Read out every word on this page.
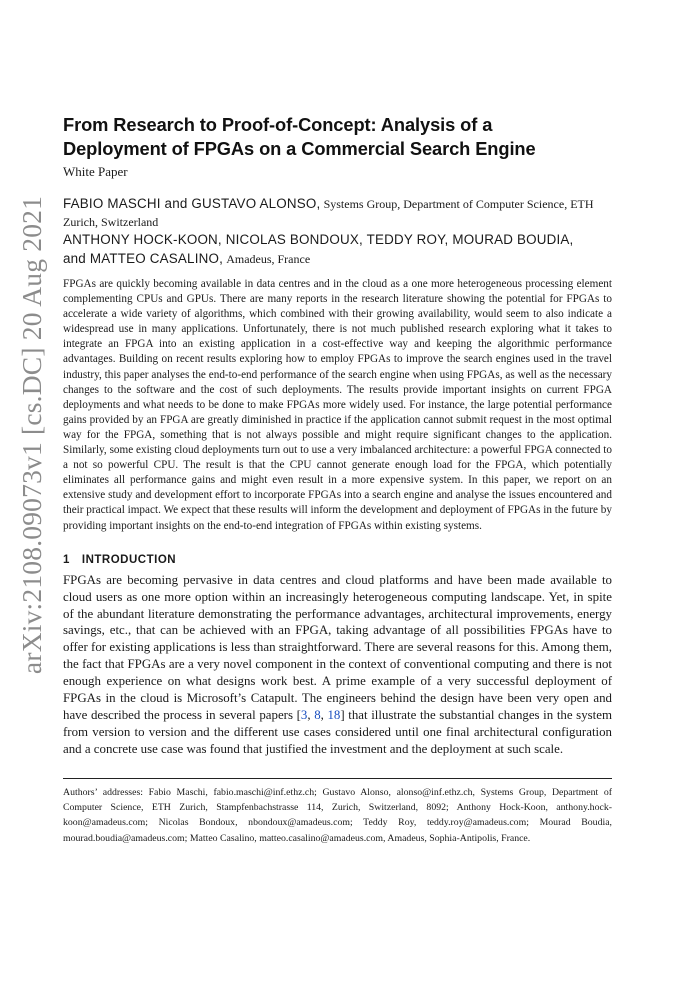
arXiv:2108.09073v1 [cs.DC] 20 Aug 2021
From Research to Proof-of-Concept: Analysis of a
Deployment of FPGAs on a Commercial Search Engine

White Paper

FABIO MASCHI and GUSTAVO ALONSO, Systems Group, Department of Computer Science, ETH Zurich, Switzerland
ANTHONY HOCK-KOON, NICOLAS BONDOUX, TEDDY ROY, MOURAD BOUDIA,
and MATTEO CASALINO, Amadeus, France

FPGAs are quickly becoming available in data centres and in the cloud as a one more heterogeneous processing element complementing CPUs and GPUs. There are many reports in the research literature showing the potential for FPGAs to accelerate a wide variety of algorithms, which combined with their growing availability, would seem to also indicate a widespread use in many applications. Unfortunately, there is not much published research exploring what it takes to integrate an FPGA into an existing application in a cost-effective way and keeping the algorithmic performance advantages. Building on recent results exploring how to employ FPGAs to improve the search engines used in the travel industry, this paper analyses the end-to-end performance of the search engine when using FPGAs, as well as the necessary changes to the software and the cost of such deployments. The results provide important insights on current FPGA deployments and what needs to be done to make FPGAs more widely used. For instance, the large potential performance gains provided by an FPGA are greatly diminished in practice if the application cannot submit request in the most optimal way for the FPGA, something that is not always possible and might require significant changes to the application. Similarly, some existing cloud deployments turn out to use a very imbalanced architecture: a powerful FPGA connected to a not so powerful CPU. The result is that the CPU cannot generate enough load for the FPGA, which potentially eliminates all performance gains and might even result in a more expensive system. In this paper, we report on an extensive study and development effort to incorporate FPGAs into a search engine and analyse the issues encountered and their practical impact. We expect that these results will inform the development and deployment of FPGAs in the future by providing important insights on the end-to-end integration of FPGAs within existing systems.

1 INTRODUCTION

FPGAs are becoming pervasive in data centres and cloud platforms and have been made available to cloud users as one more option within an increasingly heterogeneous computing landscape. Yet, in spite of the abundant literature demonstrating the performance advantages, architectural improvements, energy savings, etc., that can be achieved with an FPGA, taking advantage of all possibilities FPGAs have to offer for existing applications is less than straightforward. There are several reasons for this. Among them, the fact that FPGAs are a very novel component in the context of conventional computing and there is not enough experience on what designs work best. A prime example of a very successful deployment of FPGAs in the cloud is Microsoft’s Catapult. The engineers behind the design have been very open and have described the process in several papers [3, 8, 18] that illustrate the substantial changes in the system from version to version and the different use cases considered until one final architectural configuration and a concrete use case was found that justified the investment and the deployment at such scale.

Authors’ addresses: Fabio Maschi, fabio.maschi@inf.ethz.ch; Gustavo Alonso, alonso@inf.ethz.ch, Systems Group, Department of Computer Science, ETH Zurich, Stampfenbachstrasse 114, Zurich, Switzerland, 8092; Anthony Hock-Koon, anthony.hock-koon@amadeus.com; Nicolas Bondoux, nbondoux@amadeus.com; Teddy Roy, teddy.roy@amadeus.com; Mourad Boudia, mourad.boudia@amadeus.com; Matteo Casalino, matteo.casalino@amadeus.com, Amadeus, Sophia-Antipolis, France.
